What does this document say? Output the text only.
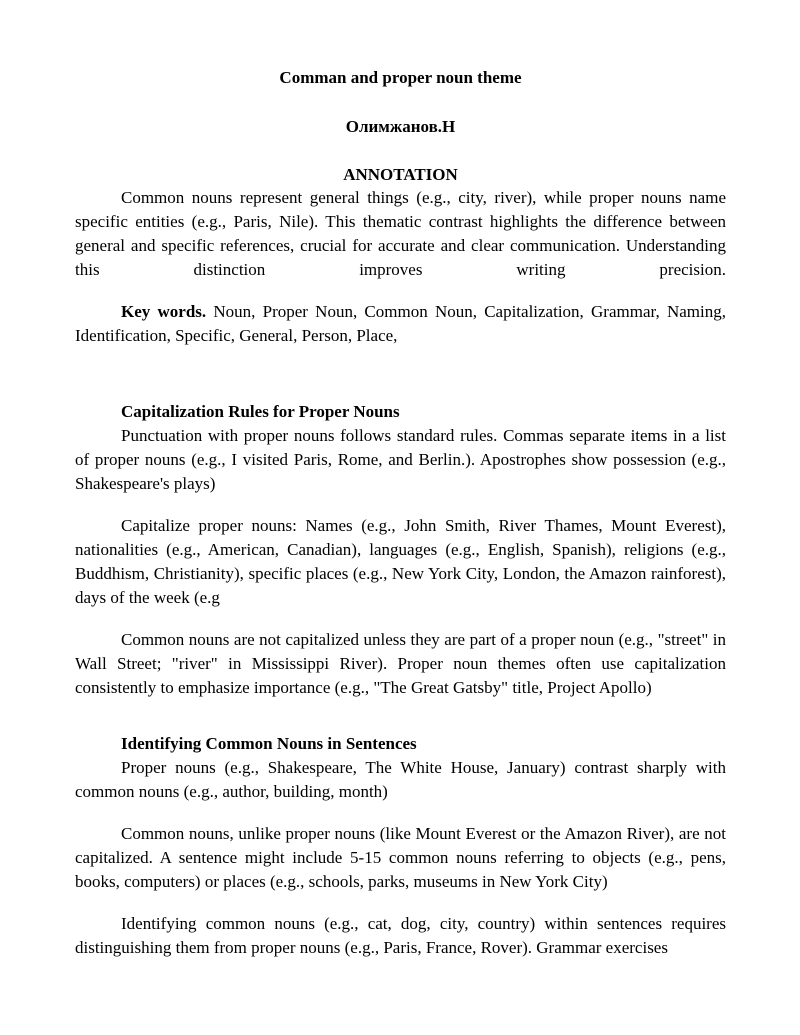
Comman and proper noun theme

Олимжанов.Н

ANNOTATION

Common nouns represent general things (e.g., city, river), while proper nouns name specific entities (e.g., Paris, Nile). This thematic contrast highlights the difference between general and specific references, crucial for accurate and clear communication. Understanding this distinction improves writing precision.

Key words. Noun, Proper Noun, Common Noun, Capitalization, Grammar, Naming, Identification, Specific, General, Person, Place,

Capitalization Rules for Proper Nouns

Punctuation with proper nouns follows standard rules. Commas separate items in a list of proper nouns (e.g., I visited Paris, Rome, and Berlin.). Apostrophes show possession (e.g., Shakespeare's plays)

Capitalize proper nouns: Names (e.g., John Smith, River Thames, Mount Everest), nationalities (e.g., American, Canadian), languages (e.g., English, Spanish), religions (e.g., Buddhism, Christianity), specific places (e.g., New York City, London, the Amazon rainforest), days of the week (e.g

Common nouns are not capitalized unless they are part of a proper noun (e.g., "street" in Wall Street; "river" in Mississippi River). Proper noun themes often use capitalization consistently to emphasize importance (e.g., "The Great Gatsby" title, Project Apollo)

Identifying Common Nouns in Sentences

Proper nouns (e.g., Shakespeare, The White House, January) contrast sharply with common nouns (e.g., author, building, month)

Common nouns, unlike proper nouns (like Mount Everest or the Amazon River), are not capitalized. A sentence might include 5-15 common nouns referring to objects (e.g., pens, books, computers) or places (e.g., schools, parks, museums in New York City)

Identifying common nouns (e.g., cat, dog, city, country) within sentences requires distinguishing them from proper nouns (e.g., Paris, France, Rover). Grammar exercises
